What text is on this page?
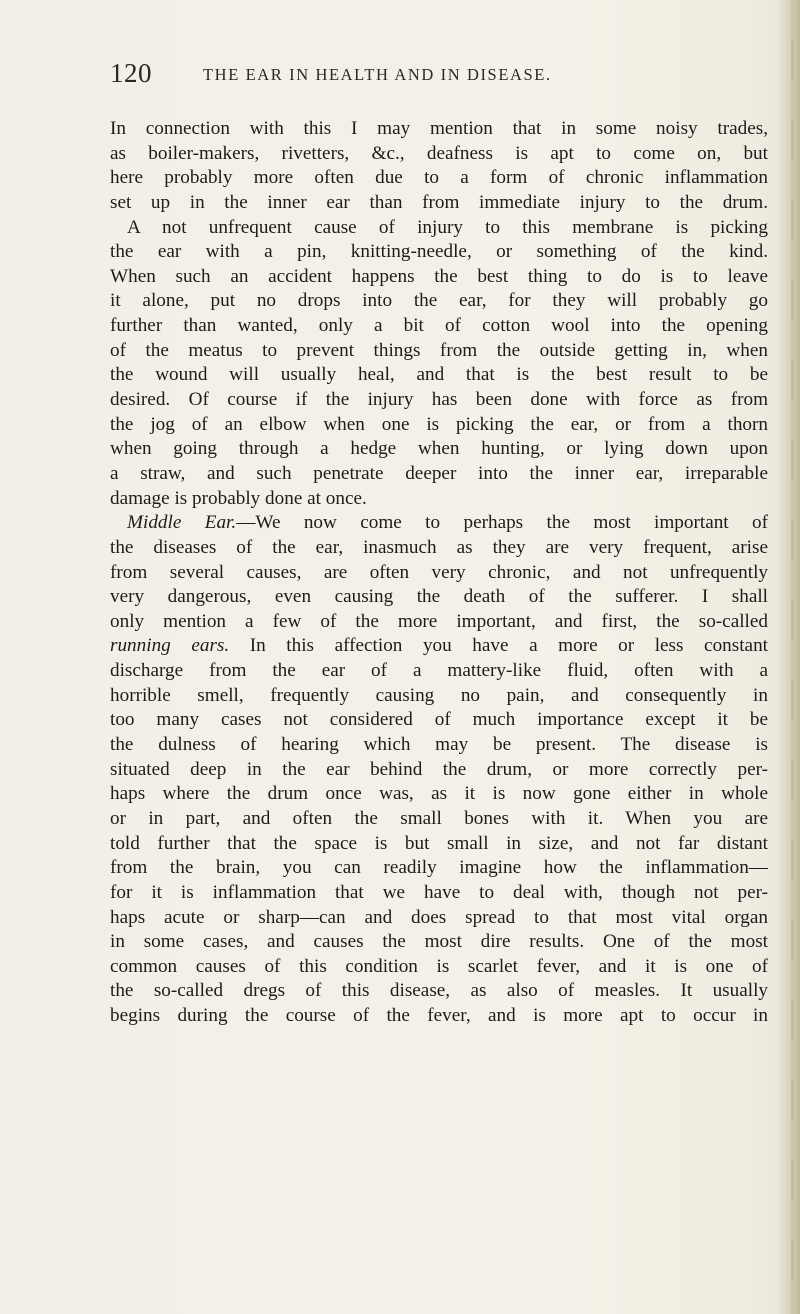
120	THE EAR IN HEALTH AND IN DISEASE.
In connection with this I may mention that in some noisy trades,
as boiler-makers, rivetters, &c., deafness is apt to come on, but
here probably more often due to a form of chronic inflammation
set up in the inner ear than from immediate injury to the drum.
A not unfrequent cause of injury to this membrane is picking
the ear with a pin, knitting-needle, or something of the kind.
When such an accident happens the best thing to do is to leave
it alone, put no drops into the ear, for they will probably go
further than wanted, only a bit of cotton wool into the opening
of the meatus to prevent things from the outside getting in, when
the wound will usually heal, and that is the best result to be
desired. Of course if the injury has been done with force as from
the jog of an elbow when one is picking the ear, or from a thorn
when going through a hedge when hunting, or lying down upon
a straw, and such penetrate deeper into the inner ear, irreparable
damage is probably done at once.
Middle Ear.—We now come to perhaps the most important of
the diseases of the ear, inasmuch as they are very frequent, arise
from several causes, are often very chronic, and not unfrequently
very dangerous, even causing the death of the sufferer. I shall
only mention a few of the more important, and first, the so-called
running ears. In this affection you have a more or less constant
discharge from the ear of a mattery-like fluid, often with a
horrible smell, frequently causing no pain, and consequently in
too many cases not considered of much importance except it be
the dulness of hearing which may be present. The disease is
situated deep in the ear behind the drum, or more correctly per-
haps where the drum once was, as it is now gone either in whole
or in part, and often the small bones with it. When you are
told further that the space is but small in size, and not far distant
from the brain, you can readily imagine how the inflammation—
for it is inflammation that we have to deal with, though not per-
haps acute or sharp—can and does spread to that most vital organ
in some cases, and causes the most dire results. One of the most
common causes of this condition is scarlet fever, and it is one of
the so-called dregs of this disease, as also of measles. It usually
begins during the course of the fever, and is more apt to occur in
